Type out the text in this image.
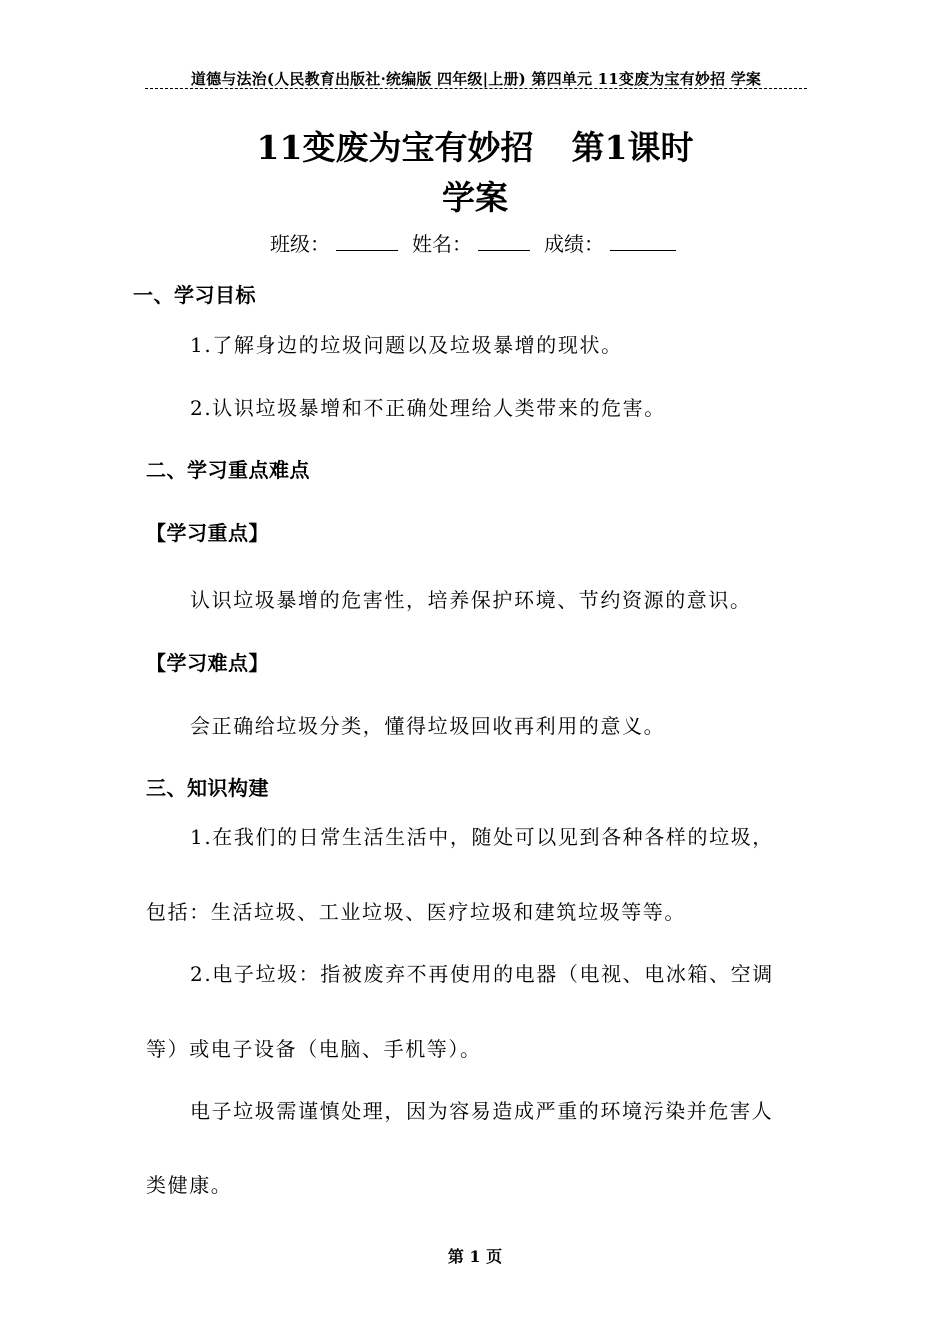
道德与法治(人民教育出版社·统编版 四年级|上册) 第四单元 11变废为宝有妙招 学案
11变废为宝有妙招 第1课时
学案
班级：	姓名：	成绩：
一、学习目标
1.了解身边的垃圾问题以及垃圾暴增的现状。
2.认识垃圾暴增和不正确处理给人类带来的危害。
二、学习重点难点
【学习重点】
认识垃圾暴增的危害性，培养保护环境、节约资源的意识。
【学习难点】
会正确给垃圾分类，懂得垃圾回收再利用的意义。
三、知识构建
1.在我们的日常生活生活中，随处可以见到各种各样的垃圾，
包括：生活垃圾、工业垃圾、医疗垃圾和建筑垃圾等等。
2.电子垃圾：指被废弃不再使用的电器（电视、电冰箱、空调
等）或电子设备（电脑、手机等）。
电子垃圾需谨慎处理，因为容易造成严重的环境污染并危害人
类健康。
第 1 页
